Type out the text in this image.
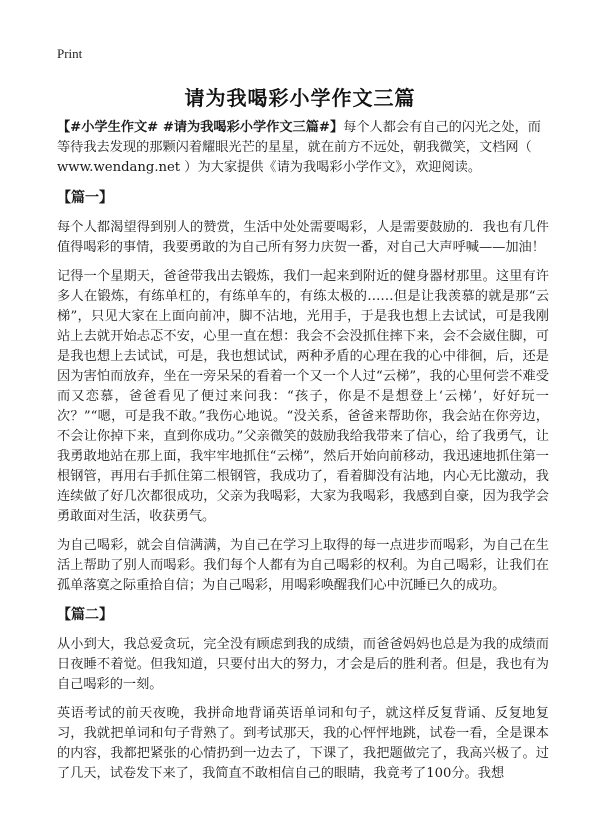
Print
请为我喝彩小学作文三篇

【#小学生作文# #请为我喝彩小学作文三篇#】每个人都会有自己的闪光之处，而等待我去发现的那颗闪着耀眼光芒的星星，就在前方不远处，朝我微笑，文档网（ www.wendang.net ）为大家提供《请为我喝彩小学作文》，欢迎阅读。

【篇一】

每个人都渴望得到别人的赞赏，生活中处处需要喝彩，人是需要鼓励的．我也有几件值得喝彩的事情，我要勇敢的为自己所有努力庆贺一番，对自己大声呼喊——加油！

记得一个星期天，爸爸带我出去锻炼，我们一起来到附近的健身器材那里。这里有许多人在锻炼，有练单杠的，有练单车的，有练太极的……但是让我羡慕的就是那“云梯”，只见大家在上面向前冲，脚不沾地，光用手，于是我也想上去试试，可是我刚站上去就开始忐忑不安，心里一直在想：我会不会没抓住摔下来，会不会崴住脚，可是我也想上去试试，可是，我也想试试，两种矛盾的心理在我的心中徘徊，后，还是因为害怕而放弃，坐在一旁呆呆的看着一个又一个人过“云梯”，我的心里何尝不难受而又恋慕，爸爸看见了便过来问我：“孩子，你是不是想登上‘云梯’，好好玩一次？”“嗯，可是我不敢。”我伤心地说。“没关系，爸爸来帮助你，我会站在你旁边，不会让你掉下来，直到你成功。”父亲微笑的鼓励我给我带来了信心，给了我勇气，让我勇敢地站在那上面，我牢牢地抓住“云梯”，然后开始向前移动，我迅速地抓住第一根钢管，再用右手抓住第二根钢管，我成功了，看着脚没有沾地，内心无比激动，我连续做了好几次都很成功，父亲为我喝彩，大家为我喝彩，我感到自豪，因为我学会勇敢面对生活，收获勇气。

为自己喝彩，就会自信满满，为自己在学习上取得的每一点进步而喝彩，为自己在生活上帮助了别人而喝彩。我们每个人都有为自己喝彩的权利。为自己喝彩，让我们在孤单落寞之际重拾自信；为自己喝彩，用喝彩唤醒我们心中沉睡已久的成功。

【篇二】

从小到大，我总爱贪玩，完全没有顾虑到我的成绩，而爸爸妈妈也总是为我的成绩而日夜睡不着觉。但我知道，只要付出大的努力，才会是后的胜利者。但是，我也有为自己喝彩的一刻。

英语考试的前天夜晚，我拼命地背诵英语单词和句子，就这样反复背诵、反复地复习，我就把单词和句子背熟了。到考试那天，我的心怦怦地跳，试卷一看，全是课本的内容，我都把紧张的心情扔到一边去了，下课了，我把题做完了，我高兴极了。过了几天，试卷发下来了，我简直不敢相信自己的眼睛，我竟考了100分。我想
